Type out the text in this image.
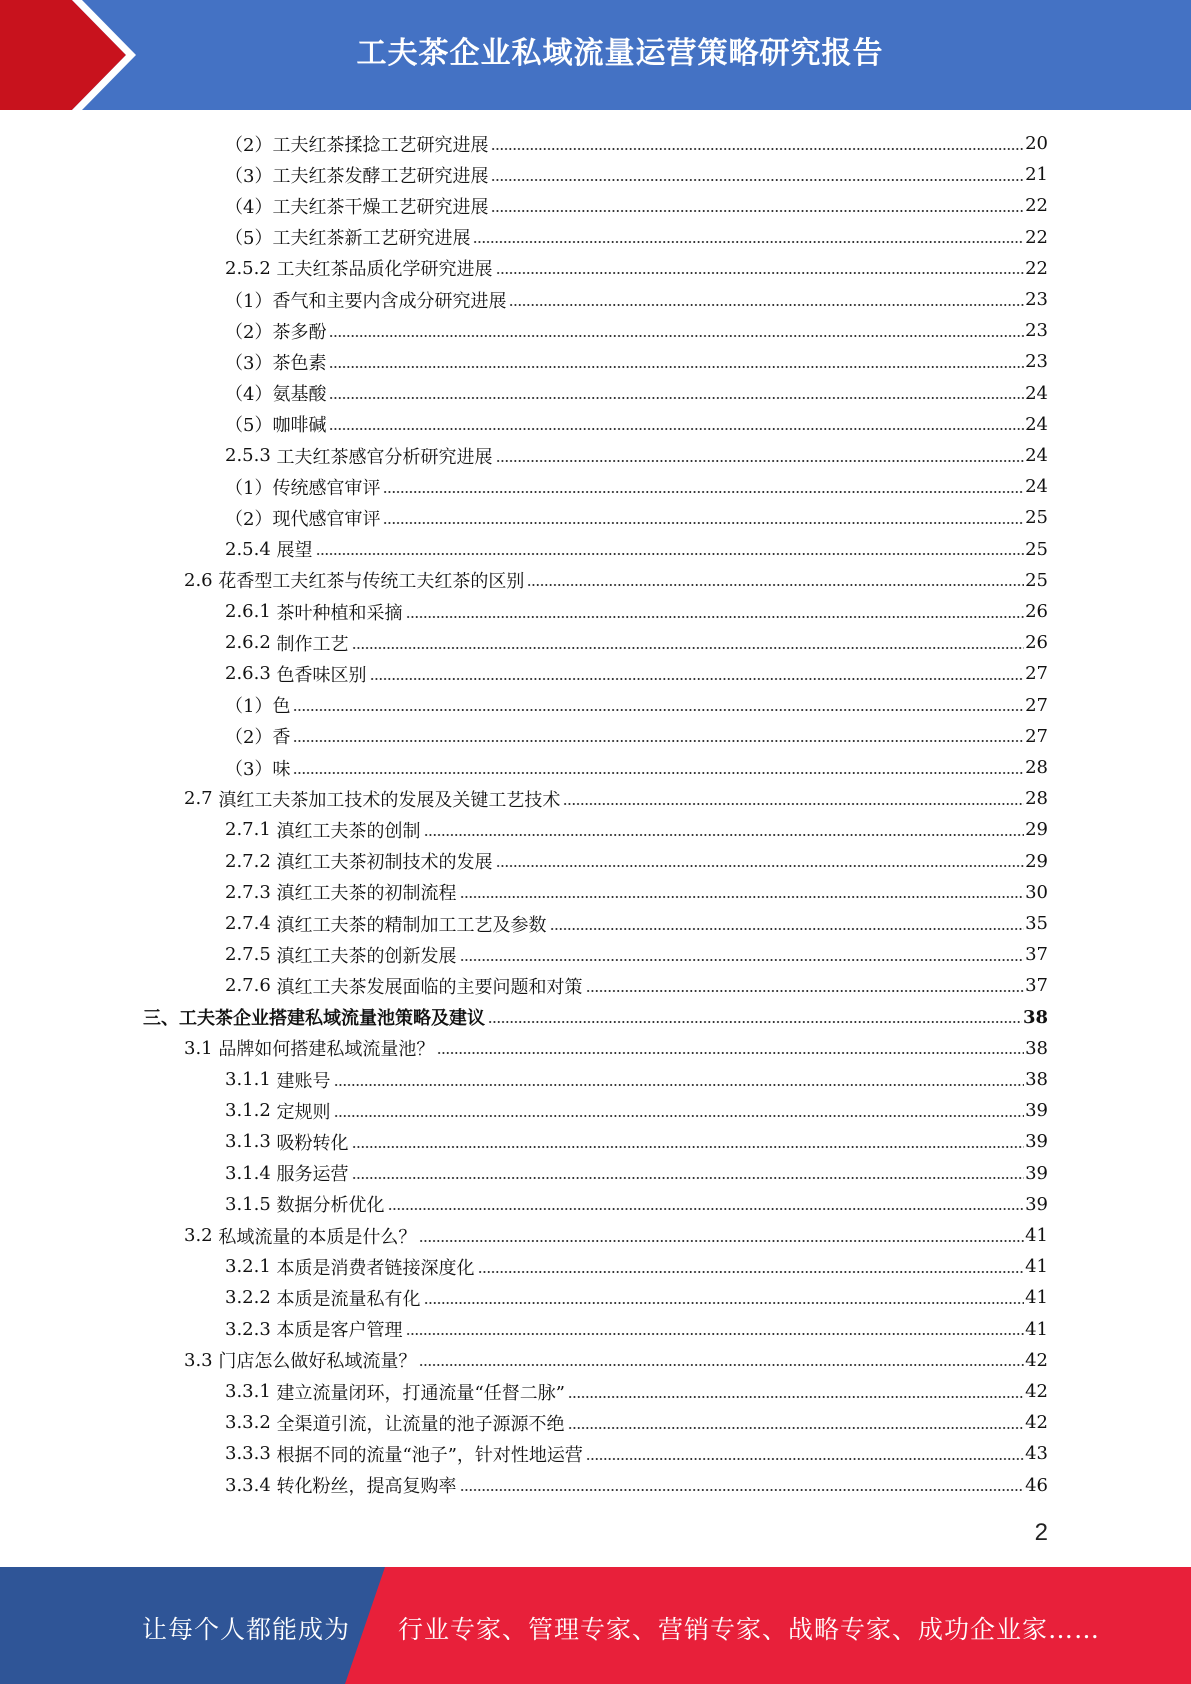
工夫茶企业私域流量运营策略研究报告
（2） 工夫红茶揉捻工艺研究进展	20
（3） 工夫红茶发酵工艺研究进展	21
（4） 工夫红茶干燥工艺研究进展	22
（5） 工夫红茶新工艺研究进展	22
2.5.2 工夫红茶品质化学研究进展	22
（1） 香气和主要内含成分研究进展	23
（2） 茶多酚	23
（3） 茶色素	23
（4） 氨基酸	24
（5） 咖啡碱	24
2.5.3 工夫红茶感官分析研究进展	24
（1） 传统感官审评	24
（2） 现代感官审评	25
2.5.4 展望	25
2.6 花香型工夫红茶与传统工夫红茶的区别	25
2.6.1 茶叶种植和采摘	26
2.6.2 制作工艺	26
2.6.3 色香味区别	27
（1） 色	27
（2） 香	27
（3） 味	28
2.7 滇红工夫茶加工技术的发展及关键工艺技术	28
2.7.1 滇红工夫茶的创制	29
2.7.2 滇红工夫茶初制技术的发展	29
2.7.3 滇红工夫茶的初制流程	30
2.7.4 滇红工夫茶的精制加工工艺及参数	35
2.7.5 滇红工夫茶的创新发展	37
2.7.6 滇红工夫茶发展面临的主要问题和对策	37
三、工夫茶企业搭建私域流量池策略及建议	38
3.1 品牌如何搭建私域流量池？	38
3.1.1 建账号	38
3.1.2 定规则	39
3.1.3 吸粉转化	39
3.1.4 服务运营	39
3.1.5 数据分析优化	39
3.2 私域流量的本质是什么？	41
3.2.1 本质是消费者链接深度化	41
3.2.2 本质是流量私有化	41
3.2.3 本质是客户管理	41
3.3 门店怎么做好私域流量？	42
3.3.1 建立流量闭环，打通流量“任督二脉”	42
3.3.2 全渠道引流，让流量的池子源源不绝	42
3.3.3 根据不同的流量“池子”，针对性地运营	43
3.3.4 转化粉丝，提高复购率	46
2
让每个人都能成为 行业专家、管理专家、营销专家、战略专家、成功企业家……
